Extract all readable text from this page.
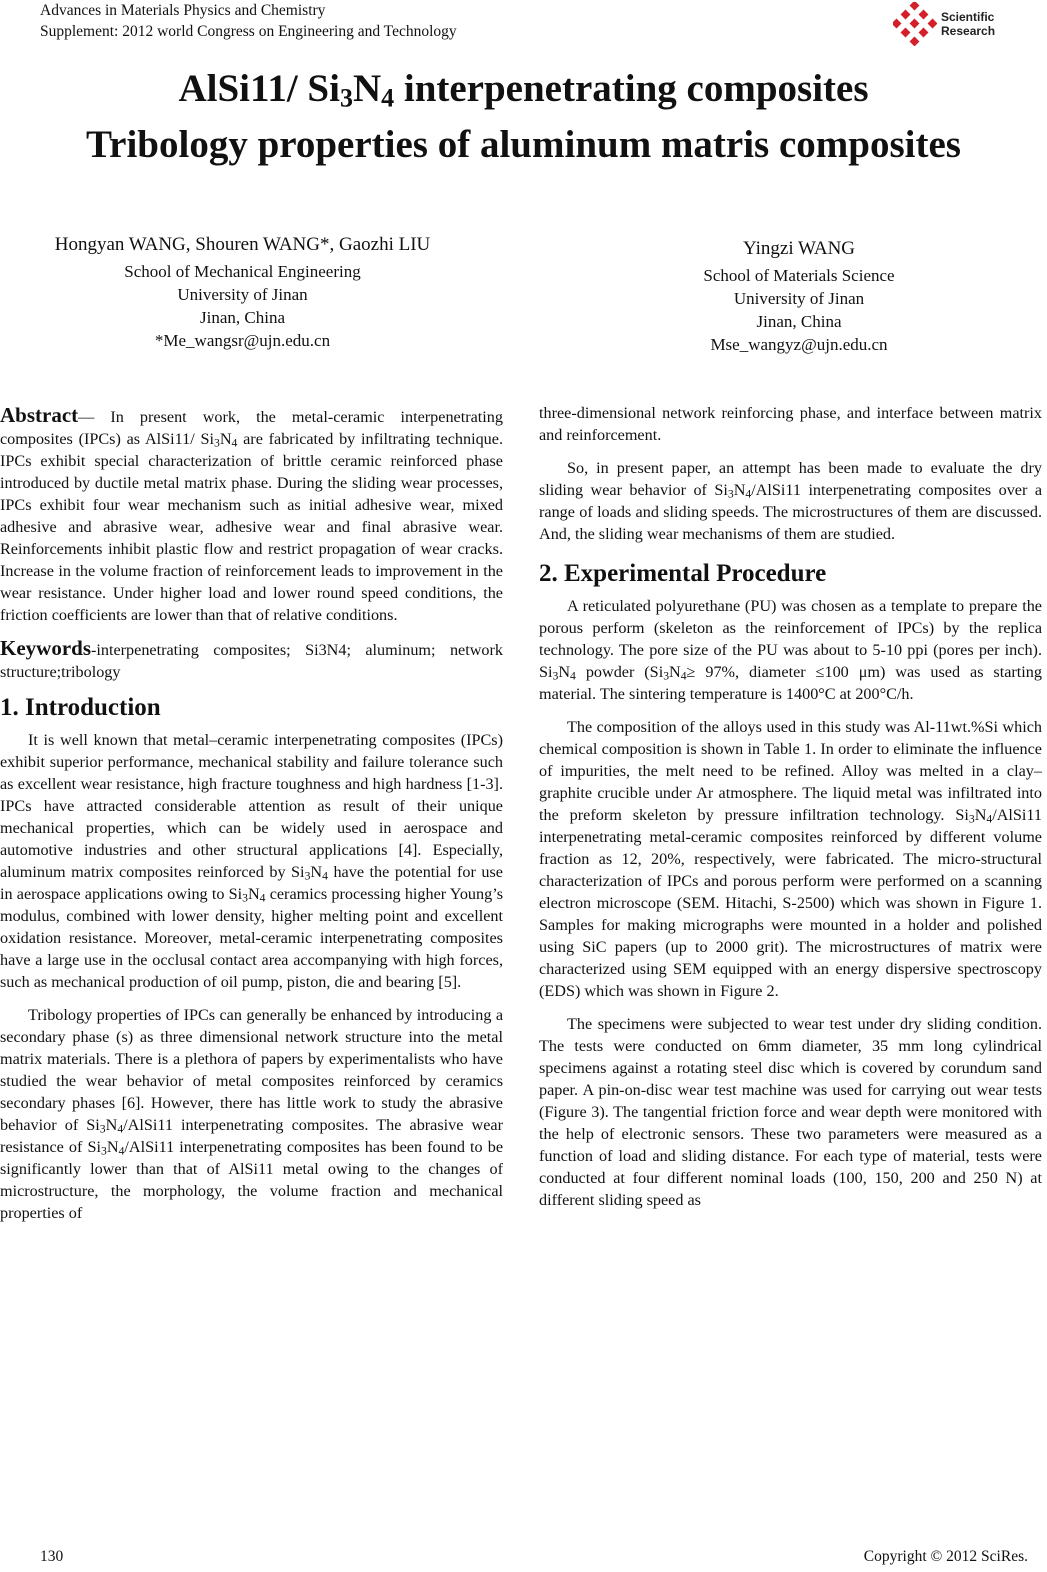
Advances in Materials Physics and Chemistry
Supplement: 2012 world Congress on Engineering and Technology
Scientific
Research
AlSi11/ $Si_3N_4$ interpenetrating composites
Tribology properties of aluminum matris composites
Hongyan WANG, Shouren WANG*, Gaozhi LIU
School of Mechanical Engineering
University of Jinan
Jinan, China
*Me_wangsr@ujn.edu.cn
Yingzi WANG
School of Materials Science
University of Jinan
Jinan, China
Mse_wangyz@ujn.edu.cn

Abstract— In present work, the metal-ceramic interpenetrating composites (IPCs) as AlSi11/ $Si_3N_4$ are fabricated by infiltrating technique. IPCs exhibit special characterization of brittle ceramic reinforced phase introduced by ductile metal matrix phase. During the sliding wear processes, IPCs exhibit four wear mechanism such as initial adhesive wear, mixed adhesive and abrasive wear, adhesive wear and final abrasive wear. Reinforcements inhibit plastic flow and restrict propagation of wear cracks. Increase in the volume fraction of reinforcement leads to improvement in the wear resistance. Under higher load and lower round speed conditions, the friction coefficients are lower than that of relative conditions.

Keywords-interpenetrating composites; Si3N4; aluminum; network structure;tribology

1. Introduction

It is well known that metal–ceramic interpenetrating composites (IPCs) exhibit superior performance, mechanical stability and failure tolerance such as excellent wear resistance, high fracture toughness and high hardness [1-3]. IPCs have attracted considerable attention as result of their unique mechanical properties, which can be widely used in aerospace and automotive industries and other structural applications [4]. Especially, aluminum matrix composites reinforced by $Si_3N_4$ have the potential for use in aerospace applications owing to $Si_3N_4$ ceramics processing higher Young’s modulus, combined with lower density, higher melting point and excellent oxidation resistance. Moreover, metal-ceramic interpenetrating composites have a large use in the occlusal contact area accompanying with high forces, such as mechanical production of oil pump, piston, die and bearing [5].

Tribology properties of IPCs can generally be enhanced by introducing a secondary phase (s) as three dimensional network structure into the metal matrix materials. There is a plethora of papers by experimentalists who have studied the wear behavior of metal composites reinforced by ceramics secondary phases [6]. However, there has little work to study the abrasive behavior of $Si_3N_4/AlSi11$ interpenetrating composites. The abrasive wear resistance of $Si_3N_4/AlSi11$ interpenetrating composites has been found to be significantly lower than that of AlSi11 metal owing to the changes of microstructure, the morphology, the volume fraction and mechanical properties of

three-dimensional network reinforcing phase, and interface between matrix and reinforcement.

So, in present paper, an attempt has been made to evaluate the dry sliding wear behavior of $Si_3N_4/AlSi11$ interpenetrating composites over a range of loads and sliding speeds. The microstructures of them are discussed. And, the sliding wear mechanisms of them are studied.

2. Experimental Procedure

A reticulated polyurethane (PU) was chosen as a template to prepare the porous perform (skeleton as the reinforcement of IPCs) by the replica technology. The pore size of the PU was about to 5-10 ppi (pores per inch). $Si_3N_4$ powder ($Si_3N_4\ge 97\%$, diameter ≤100 μm) was used as starting material. The sintering temperature is 1400°C at 200°C/h.

The composition of the alloys used in this study was Al-11wt.%Si which chemical composition is shown in Table 1. In order to eliminate the influence of impurities, the melt need to be refined. Alloy was melted in a clay–graphite crucible under Ar atmosphere. The liquid metal was infiltrated into the preform skeleton by pressure infiltration technology. $Si_3N_4/AlSi11$ interpenetrating metal-ceramic composites reinforced by different volume fraction as 12, 20%, respectively, were fabricated. The micro-structural characterization of IPCs and porous perform were performed on a scanning electron microscope (SEM. Hitachi, S-2500) which was shown in Figure 1. Samples for making micrographs were mounted in a holder and polished using SiC papers (up to 2000 grit). The microstructures of matrix were characterized using SEM equipped with an energy dispersive spectroscopy (EDS) which was shown in Figure 2.

The specimens were subjected to wear test under dry sliding condition. The tests were conducted on 6mm diameter, 35 mm long cylindrical specimens against a rotating steel disc which is covered by corundum sand paper. A pin-on-disc wear test machine was used for carrying out wear tests (Figure 3). The tangential friction force and wear depth were monitored with the help of electronic sensors. These two parameters were measured as a function of load and sliding distance. For each type of material, tests were conducted at four different nominal loads (100, 150, 200 and 250 N) at different sliding speed as

130	Copyright © 2012 SciRes.
